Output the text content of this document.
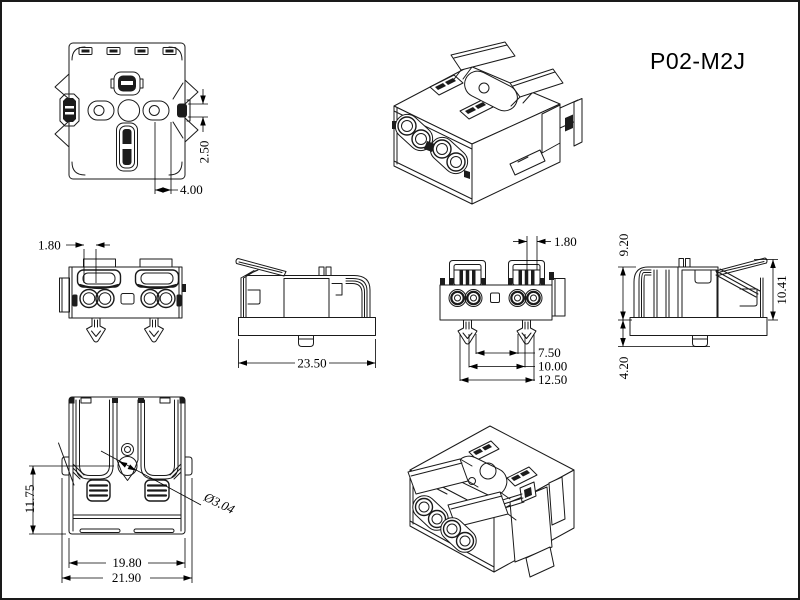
2.50
4.00
P02-M2J
1.80
23.50
1.80
7.50
10.00
12.50
9.20
4.20
10.41
11.75	Ø3.04
19.80
21.90
